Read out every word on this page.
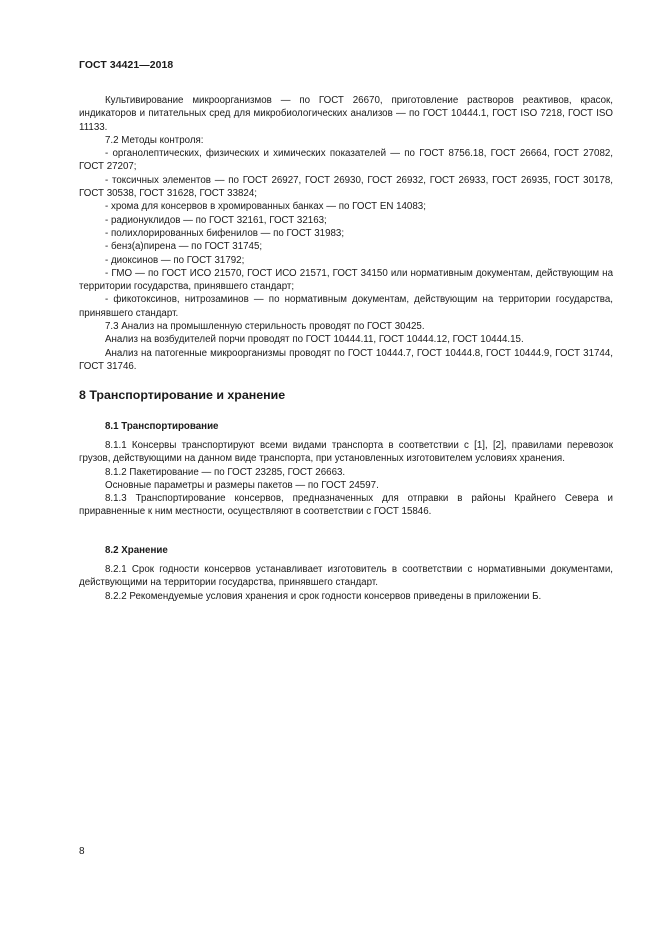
ГОСТ 34421—2018

Культивирование микроорганизмов — по ГОСТ 26670, приготовление растворов реактивов, красок, индикаторов и питательных сред для микробиологических анализов — по ГОСТ 10444.1, ГОСТ ISO 7218, ГОСТ ISO 11133.

7.2 Методы контроля:

- органолептических, физических и химических показателей — по ГОСТ 8756.18, ГОСТ 26664, ГОСТ 27082, ГОСТ 27207;

- токсичных элементов — по ГОСТ 26927, ГОСТ 26930, ГОСТ 26932, ГОСТ 26933, ГОСТ 26935, ГОСТ 30178, ГОСТ 30538, ГОСТ 31628, ГОСТ 33824;

- хрома для консервов в хромированных банках — по ГОСТ EN 14083;

- радионуклидов — по ГОСТ 32161, ГОСТ 32163;

- полихлорированных бифенилов — по ГОСТ 31983;

- бенз(а)пирена — по ГОСТ 31745;

- диоксинов — по ГОСТ 31792;

- ГМО — по ГОСТ ИСО 21570, ГОСТ ИСО 21571, ГОСТ 34150 или нормативным документам, действующим на территории государства, принявшего стандарт;

- фикотоксинов, нитрозаминов — по нормативным документам, действующим на территории государства, принявшего стандарт.

7.3 Анализ на промышленную стерильность проводят по ГОСТ 30425.

Анализ на возбудителей порчи проводят по ГОСТ 10444.11, ГОСТ 10444.12, ГОСТ 10444.15.

Анализ на патогенные микроорганизмы проводят по ГОСТ 10444.7, ГОСТ 10444.8, ГОСТ 10444.9, ГОСТ 31744, ГОСТ 31746.

8 Транспортирование и хранение
8.1 Транспортирование

8.1.1 Консервы транспортируют всеми видами транспорта в соответствии с [1], [2], правилами перевозок грузов, действующими на данном виде транспорта, при установленных изготовителем условиях хранения.

8.1.2 Пакетирование — по ГОСТ 23285, ГОСТ 26663.

Основные параметры и размеры пакетов — по ГОСТ 24597.

8.1.3 Транспортирование консервов, предназначенных для отправки в районы Крайнего Севера и приравненные к ним местности, осуществляют в соответствии с ГОСТ 15846.

8.2 Хранение

8.2.1 Срок годности консервов устанавливает изготовитель в соответствии с нормативными документами, действующими на территории государства, принявшего стандарт.

8.2.2 Рекомендуемые условия хранения и срок годности консервов приведены в приложении Б.

8
